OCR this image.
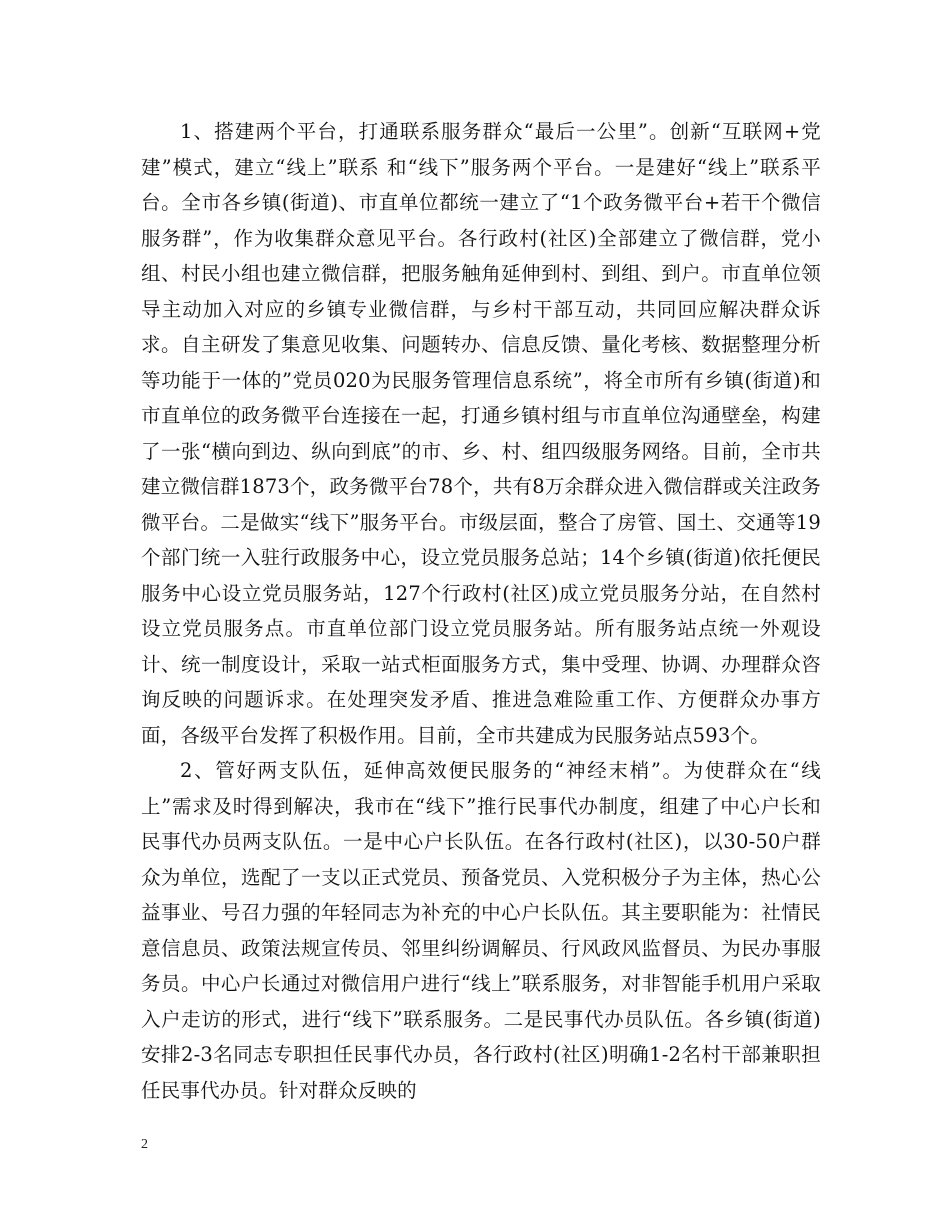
1、搭建两个平台，打通联系服务群众“最后一公里”。创新“互联网+党建”模式，建立“线上”联系 和“线下”服务两个平台。一是建好“线上”联系平台。全市各乡镇(街道)、市直单位都统一建立了“1个政务微平台+若干个微信服务群”，作为收集群众意见平台。各行政村(社区)全部建立了微信群，党小组、村民小组也建立微信群，把服务触角延伸到村、到组、到户。市直单位领导主动加入对应的乡镇专业微信群，与乡村干部互动，共同回应解决群众诉求。自主研发了集意见收集、问题转办、信息反馈、量化考核、数据整理分析等功能于一体的”党员020为民服务管理信息系统”，将全市所有乡镇(街道)和市直单位的政务微平台连接在一起，打通乡镇村组与市直单位沟通壁垒，构建了一张“横向到边、纵向到底”的市、乡、村、组四级服务网络。目前，全市共建立微信群1873个，政务微平台78个，共有8万余群众进入微信群或关注政务微平台。二是做实“线下”服务平台。市级层面，整合了房管、国土、交通等19个部门统一入驻行政服务中心，设立党员服务总站；14个乡镇(街道)依托便民服务中心设立党员服务站，127个行政村(社区)成立党员服务分站，在自然村设立党员服务点。市直单位部门设立党员服务站。所有服务站点统一外观设计、统一制度设计，采取一站式柜面服务方式，集中受理、协调、办理群众咨询反映的问题诉求。在处理突发矛盾、推进急难险重工作、方便群众办事方面，各级平台发挥了积极作用。目前，全市共建成为民服务站点593个。

2、管好两支队伍，延伸高效便民服务的“神经末梢”。为使群众在“线上”需求及时得到解决，我市在“线下”推行民事代办制度，组建了中心户长和民事代办员两支队伍。一是中心户长队伍。在各行政村(社区)，以30-50户群众为单位，选配了一支以正式党员、预备党员、入党积极分子为主体，热心公益事业、号召力强的年轻同志为补充的中心户长队伍。其主要职能为：社情民意信息员、政策法规宣传员、邻里纠纷调解员、行风政风监督员、为民办事服务员。中心户长通过对微信用户进行“线上”联系服务，对非智能手机用户采取入户走访的形式，进行“线下”联系服务。二是民事代办员队伍。各乡镇(街道)安排2-3名同志专职担任民事代办员，各行政村(社区)明确1-2名村干部兼职担任民事代办员。针对群众反映的

2
